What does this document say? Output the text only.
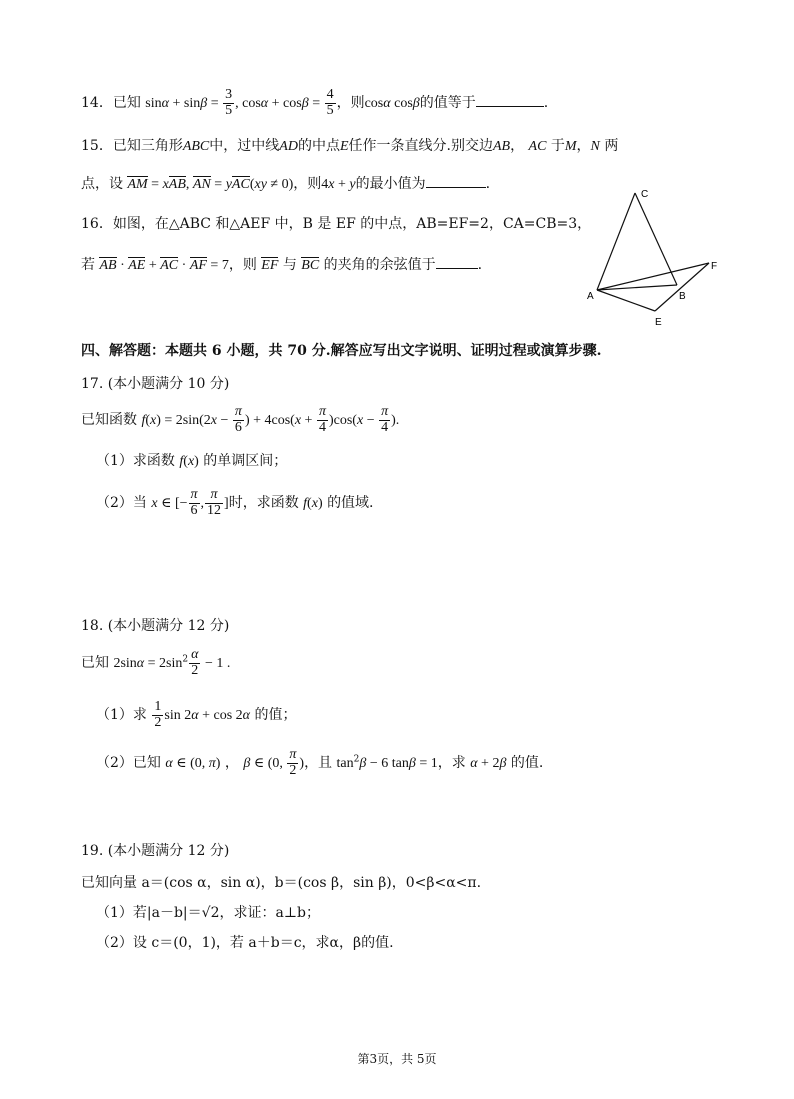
14．已知 $\sin\alpha + \sin\beta = \frac{3}{5}$ , $\cos\alpha + \cos\beta = \frac{4}{5}$ ，则cosα cosβ的值等于	.
15．已知三角形ABC中，过中线AD的中点E任作一条直线分.别交边AB， AC 于M，N 两
点，设 AM = xAB, AN = yAC(xy ≠ 0)，则4x + y的最小值为	.
16．如图，在△ABC 和△AEF 中，B 是 EF 的中点，AB=EF=2，CA=CB=3，
若 AB · AE + AC · AF = 7，则 EF 与 BC 的夹角的余弦值于	.
C
F
A	B
E
四、解答题：本题共 6 小题，共 70 分.解答应写出文字说明、证明过程或演算步骤.
17. (本小题满分 10 分)
已知函数 $f(x) = 2\sin(2x - \frac{\pi}{6}$ ) + $4\cos(x + \frac{\pi}{4} )\cos(x - \frac{\pi}{4}$ ).
（1）求函数 f(x) 的单调区间；
（2）当 x ∈ [− $\frac{\pi}{6}$ , $\frac{\pi}{12}$ ]时，求函数 f(x) 的值域.
18. (本小题满分 12 分)
已知 $2\sin\alpha = 2\sin^2 \frac{\alpha}{2} - 1$ .
（1）求 $\frac{1}{2}$ sin 2α + cos 2α 的值；
（2）已知 α ∈ (0, π) ， β ∈ (0, $\frac{\pi}{2}$ )，且 $\tan^2\beta - 6$ tanβ = 1，求 α + 2β 的值.
19. (本小题满分 12 分)
已知向量 a＝(cos α，sin α)，b＝(cos β，sin β)，0<β<α<π.
（1）若|a－b|＝√2，求证：a⊥b；
（2）设 c＝(0，1)，若 a＋b＝c，求α，β的值.
第3页，共 5页
